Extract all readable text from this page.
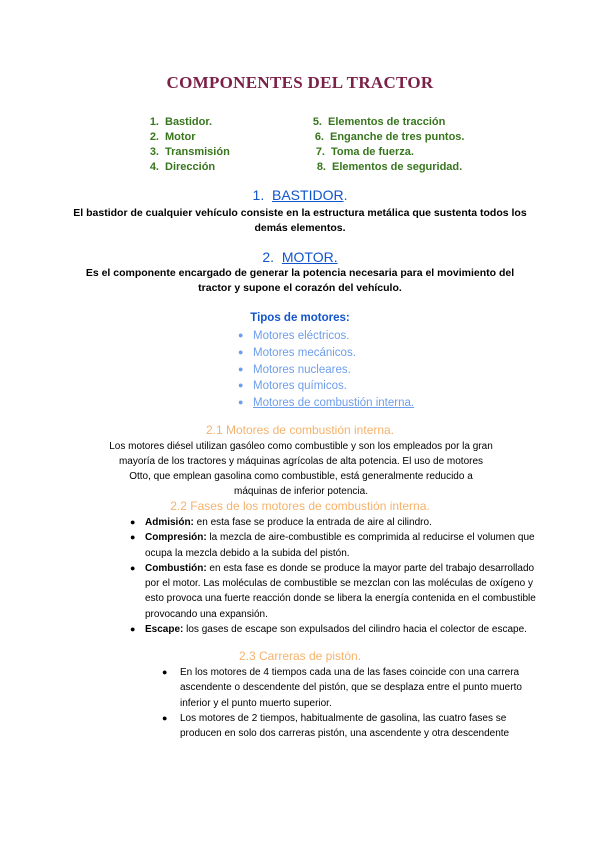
COMPONENTES DEL TRACTOR
1. Bastidor.
2. Motor
3. Transmisión
4. Dirección
5. Elementos de tracción
6. Enganche de tres puntos.
7. Toma de fuerza.
8. Elementos de seguridad.
1. BASTIDOR.
El bastidor de cualquier vehículo consiste en la estructura metálica que sustenta todos los demás elementos.
2. MOTOR.
Es el componente encargado de generar la potencia necesaria para el movimiento del tractor y supone el corazón del vehículo.
Tipos de motores:
● Motores eléctricos.
● Motores mecánicos.
● Motores nucleares.
● Motores químicos.
● Motores de combustión interna.
2.1 Motores de combustión interna.
Los motores diésel utilizan gasóleo como combustible y son los empleados por la gran mayoría de los tractores y máquinas agrícolas de alta potencia. El uso de motores Otto, que emplean gasolina como combustible, está generalmente reducido a máquinas de inferior potencia.
2.2 Fases de los motores de combustión interna.
● Admisión: en esta fase se produce la entrada de aire al cilindro.
● Compresión: la mezcla de aire-combustible es comprimida al reducirse el volumen que ocupa la mezcla debido a la subida del pistón.
● Combustión: en esta fase es donde se produce la mayor parte del trabajo desarrollado por el motor. Las moléculas de combustible se mezclan con las moléculas de oxígeno y esto provoca una fuerte reacción donde se libera la energía contenida en el combustible provocando una expansión.
● Escape: los gases de escape son expulsados del cilindro hacia el colector de escape.
2.3 Carreras de pistón.
● En los motores de 4 tiempos cada una de las fases coincide con una carrera ascendente o descendente del pistón, que se desplaza entre el punto muerto inferior y el punto muerto superior.
● Los motores de 2 tiempos, habitualmente de gasolina, las cuatro fases se producen en solo dos carreras pistón, una ascendente y otra descendente
